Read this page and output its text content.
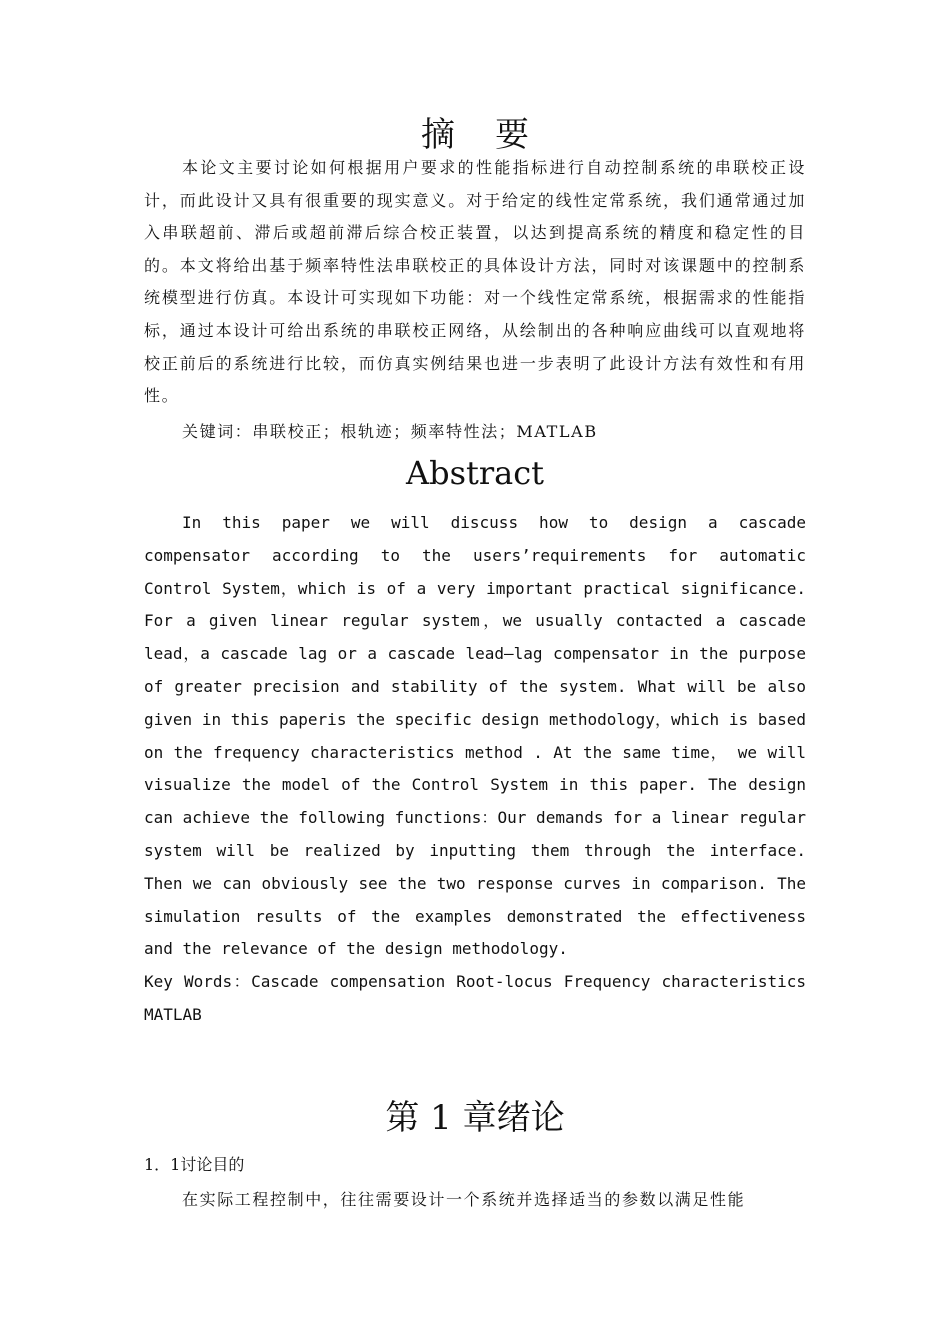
摘要
本论文主要讨论如何根据用户要求的性能指标进行自动控制系统的串联校正设计，而此设计又具有很重要的现实意义。对于给定的线性定常系统，我们通常通过加入串联超前、滞后或超前滞后综合校正装置，以达到提高系统的精度和稳定性的目的。本文将给出基于频率特性法串联校正的具体设计方法，同时对该课题中的控制系统模型进行仿真。本设计可实现如下功能：对一个线性定常系统，根据需求的性能指标，通过本设计可给出系统的串联校正网络，从绘制出的各种响应曲线可以直观地将校正前后的系统进行比较，而仿真实例结果也进一步表明了此设计方法有效性和有用性。
关键词：串联校正；根轨迹；频率特性法；MATLAB
Abstract
In this paper we will discuss how to design a cascade compensator according to the users’requirements for automatic Control System，which is of a very important practical significance. For a given linear regular system，we usually contacted a cascade lead，a cascade lag or a cascade lead—lag compensator in the purpose of greater precision and stability of the system. What will be also given in this paperis the specific design methodology，which is based on the frequency characteristics method . At the same time， we will visualize the model of the Control System in this paper. The design can achieve the following functions：Our demands for a linear regular system will be realized by inputting them through the interface. Then we can obviously see the two response curves in comparison. The simulation results of the examples demonstrated the effectiveness and the relevance of the design methodology.
Key Words：Cascade compensation Root-locus Frequency characteristics MATLAB
第 1 章绪论
1．1讨论目的
在实际工程控制中，往往需要设计一个系统并选择适当的参数以满足性能
